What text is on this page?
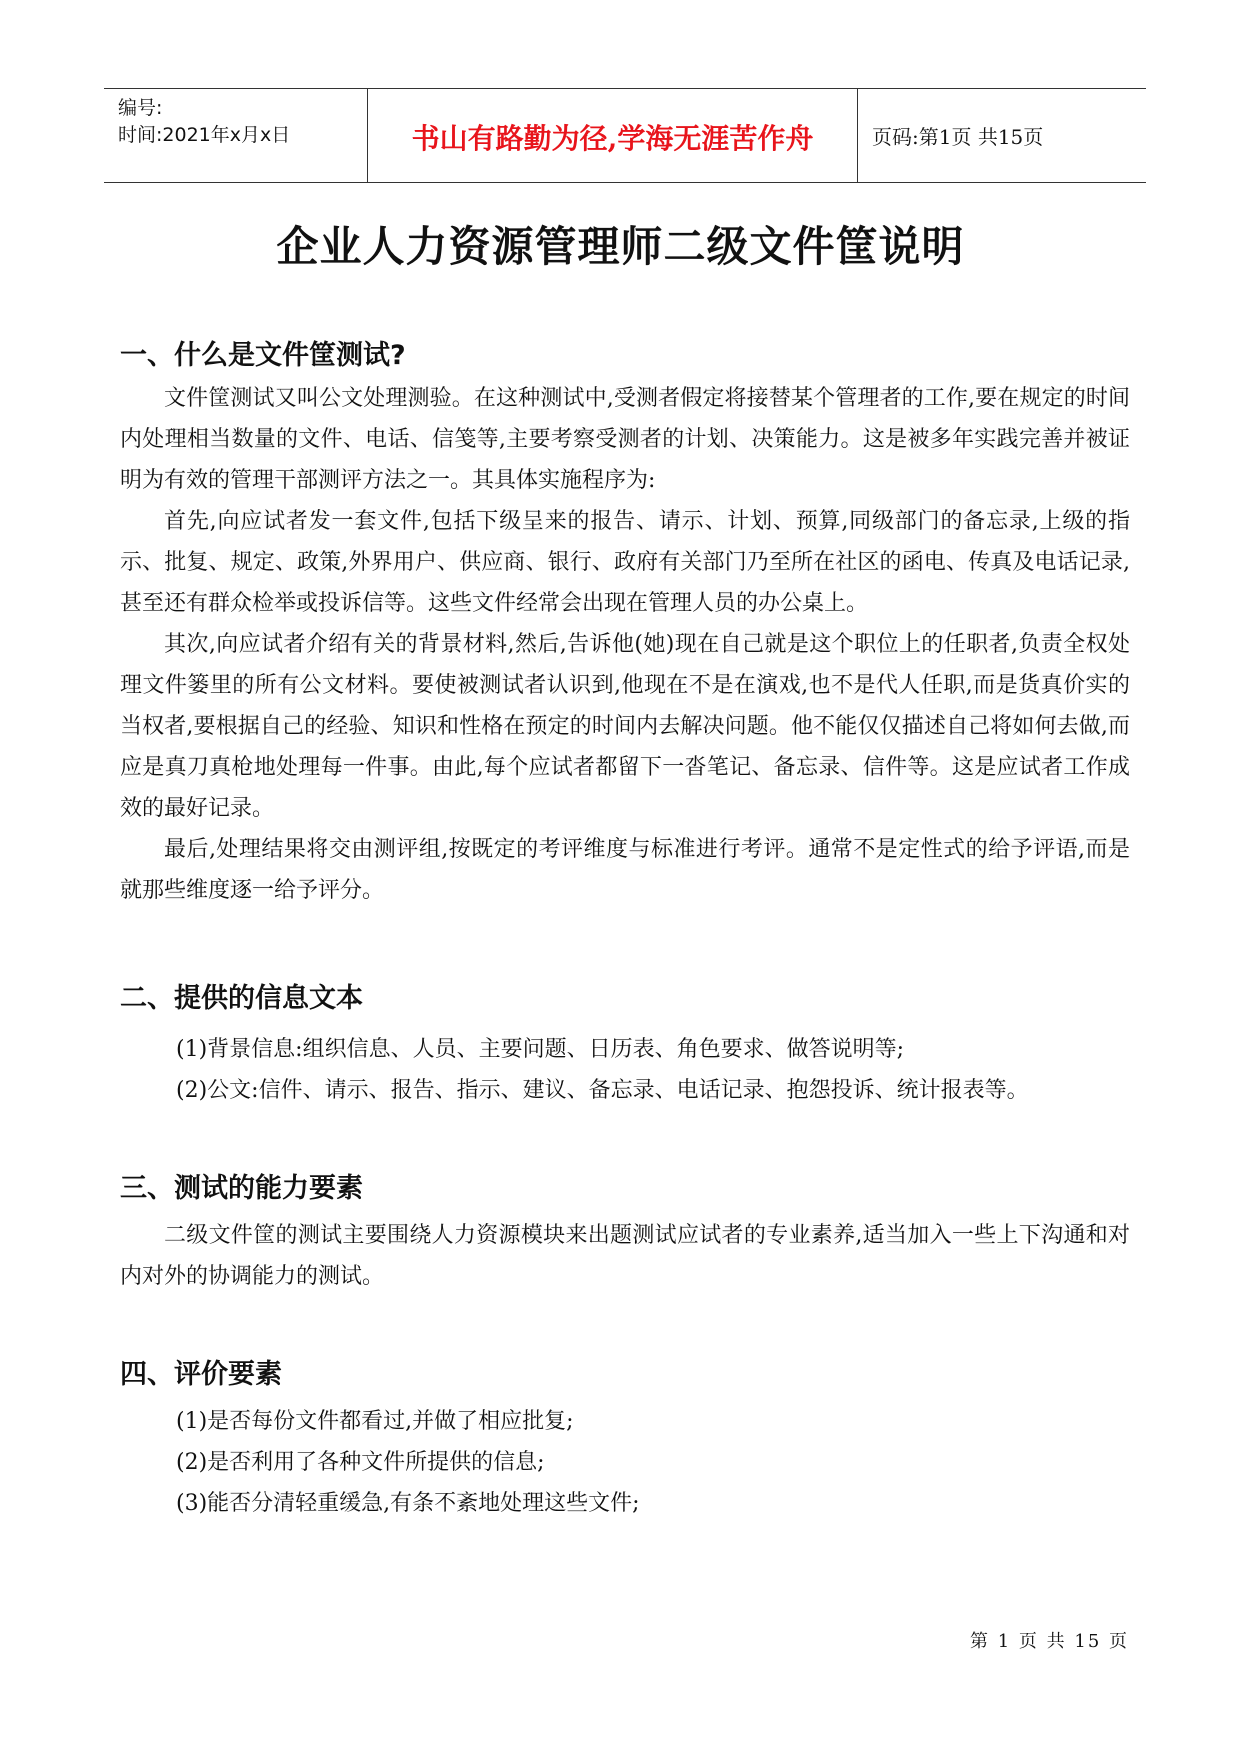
编号:
时间:2021年x月x日	书山有路勤为径,学海无涯苦作舟	页码:第1页 共15页
企业人力资源管理师二级文件筐说明
一、什么是文件筐测试?

文件筐测试又叫公文处理测验。在这种测试中,受测者假定将接替某个管理者的工作,要在规定的时间内处理相当数量的文件、电话、信笺等,主要考察受测者的计划、决策能力。这是被多年实践完善并被证明为有效的管理干部测评方法之一。其具体实施程序为:

首先,向应试者发一套文件,包括下级呈来的报告、请示、计划、预算,同级部门的备忘录,上级的指示、批复、规定、政策,外界用户、供应商、银行、政府有关部门乃至所在社区的函电、传真及电话记录,甚至还有群众检举或投诉信等。这些文件经常会出现在管理人员的办公桌上。

其次,向应试者介绍有关的背景材料,然后,告诉他(她)现在自己就是这个职位上的任职者,负责全权处理文件篓里的所有公文材料。要使被测试者认识到,他现在不是在演戏,也不是代人任职,而是货真价实的当权者,要根据自己的经验、知识和性格在预定的时间内去解决问题。他不能仅仅描述自己将如何去做,而应是真刀真枪地处理每一件事。由此,每个应试者都留下一沓笔记、备忘录、信件等。这是应试者工作成效的最好记录。

最后,处理结果将交由测评组,按既定的考评维度与标准进行考评。通常不是定性式的给予评语,而是就那些维度逐一给予评分。

二、提供的信息文本

(1)背景信息:组织信息、人员、主要问题、日历表、角色要求、做答说明等;

(2)公文:信件、请示、报告、指示、建议、备忘录、电话记录、抱怨投诉、统计报表等。

三、测试的能力要素

二级文件筐的测试主要围绕人力资源模块来出题测试应试者的专业素养,适当加入一些上下沟通和对内对外的协调能力的测试。

四、评价要素

(1)是否每份文件都看过,并做了相应批复;

(2)是否利用了各种文件所提供的信息;

(3)能否分清轻重缓急,有条不紊地处理这些文件;

第 1 页 共 15 页
